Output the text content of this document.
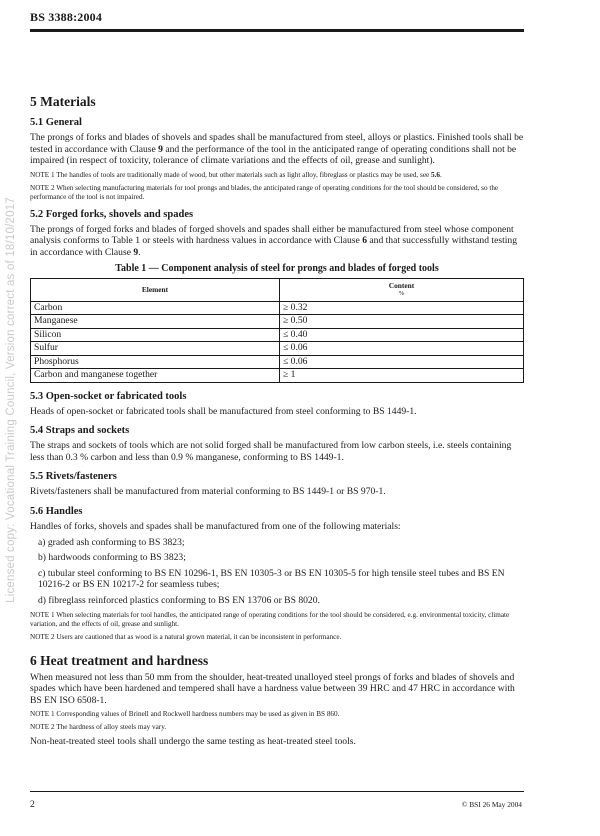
BS 3388:2004
Licensed copy: Vocational Training Council, Version correct as of 18/10/2017
5 Materials
5.1 General

The prongs of forks and blades of shovels and spades shall be manufactured from steel, alloys or plastics. Finished tools shall be tested in accordance with Clause 9 and the performance of the tool in the anticipated range of operating conditions shall not be impaired (in respect of toxicity, tolerance of climate variations and the effects of oil, grease and sunlight).

NOTE 1 The handles of tools are traditionally made of wood, but other materials such as light alloy, fibreglass or plastics may be used, see 5.6.

NOTE 2 When selecting manufacturing materials for tool prongs and blades, the anticipated range of operating conditions for the tool should be considered, so the performance of the tool is not impaired.

5.2 Forged forks, shovels and spades

The prongs of forged forks and blades of forged shovels and spades shall either be manufactured from steel whose component analysis conforms to Table 1 or steels with hardness values in accordance with Clause 6 and that successfully withstand testing in accordance with Clause 9.

Table 1 — Component analysis of steel for prongs and blades of forged tools
Element	Content
%

Carbon	≥ 0.32
Manganese	≥ 0.50
Silicon	≤ 0.40
Sulfur	≤ 0.06
Phosphorus	≤ 0.06
Carbon and manganese together	≥ 1
5.3 Open-socket or fabricated tools

Heads of open-socket or fabricated tools shall be manufactured from steel conforming to BS 1449-1.

5.4 Straps and sockets

The straps and sockets of tools which are not solid forged shall be manufactured from low carbon steels, i.e. steels containing less than 0.3 % carbon and less than 0.9 % manganese, conforming to BS 1449-1.

5.5 Rivets/fasteners

Rivets/fasteners shall be manufactured from material conforming to BS 1449-1 or BS 970-1.

5.6 Handles

Handles of forks, shovels and spades shall be manufactured from one of the following materials:

a) graded ash conforming to BS 3823;
b) hardwoods conforming to BS 3823;
c) tubular steel conforming to BS EN 10296-1, BS EN 10305-3 or BS EN 10305-5 for high tensile steel tubes and BS EN 10216-2 or BS EN 10217-2 for seamless tubes;
d) fibreglass reinforced plastics conforming to BS EN 13706 or BS 8020.

NOTE 1 When selecting materials for tool handles, the anticipated range of operating conditions for the tool should be considered, e.g. environmental toxicity, climate variation, and the effects of oil, grease and sunlight.

NOTE 2 Users are cautioned that as wood is a natural grown material, it can be inconsistent in performance.

6 Heat treatment and hardness

When measured not less than 50 mm from the shoulder, heat-treated unalloyed steel prongs of forks and blades of shovels and spades which have been hardened and tempered shall have a hardness value between 39 HRC and 47 HRC in accordance with BS EN ISO 6508-1.

NOTE 1 Corresponding values of Brinell and Rockwell hardness numbers may be used as given in BS 860.

NOTE 2 The hardness of alloy steels may vary.

Non-heat-treated steel tools shall undergo the same testing as heat-treated steel tools.

2	© BSI 26 May 2004
